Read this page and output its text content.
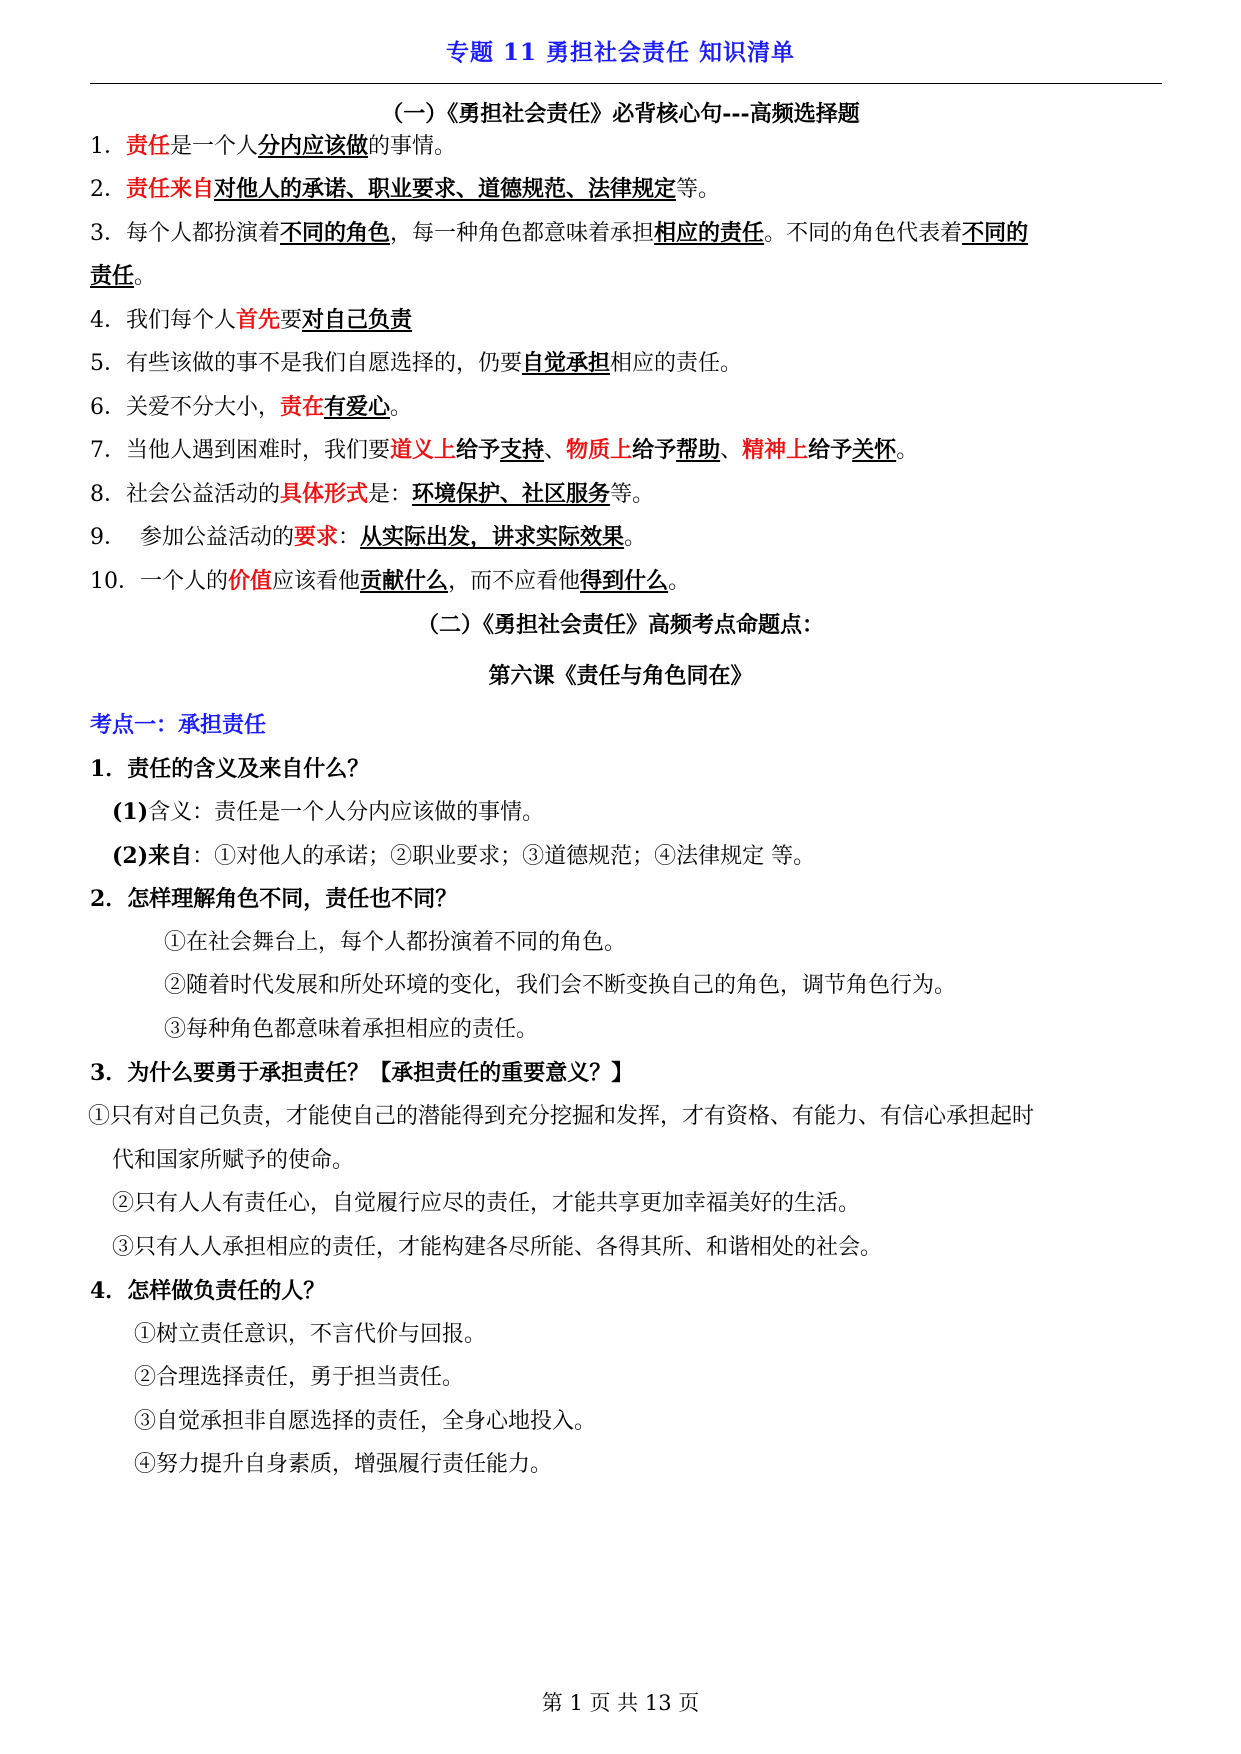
专题 11 勇担社会责任 知识清单
（一）《勇担社会责任》必背核心句---高频选择题
1．责任是一个人分内应该做的事情。
2．责任来自对他人的承诺、职业要求、道德规范、法律规定等。
3．每个人都扮演着不同的角色，每一种角色都意味着承担相应的责任。不同的角色代表着不同的
责任。
4．我们每个人首先要对自己负责
5．有些该做的事不是我们自愿选择的，仍要自觉承担相应的责任。
6．关爱不分大小，责在有爱心。
7．当他人遇到困难时，我们要道义上给予支持、物质上给予帮助、精神上给予关怀。
8．社会公益活动的具体形式是：环境保护、社区服务等。
9． 参加公益活动的要求：从实际出发，讲求实际效果。
10．一个人的价值应该看他贡献什么，而不应看他得到什么。
（二）《勇担社会责任》高频考点命题点：
第六课《责任与角色同在》
考点一：承担责任
1．责任的含义及来自什么？
(1)含义：责任是一个人分内应该做的事情。
(2)来自：①对他人的承诺；②职业要求；③道德规范；④法律规定 等。
2．怎样理解角色不同，责任也不同？
①在社会舞台上，每个人都扮演着不同的角色。
②随着时代发展和所处环境的变化，我们会不断变换自己的角色，调节角色行为。
③每种角色都意味着承担相应的责任。
3．为什么要勇于承担责任？【承担责任的重要意义？】
①只有对自己负责，才能使自己的潜能得到充分挖掘和发挥，才有资格、有能力、有信心承担起时
代和国家所赋予的使命。
②只有人人有责任心，自觉履行应尽的责任，才能共享更加幸福美好的生活。
③只有人人承担相应的责任，才能构建各尽所能、各得其所、和谐相处的社会。
4．怎样做负责任的人？
①树立责任意识，不言代价与回报。
②合理选择责任，勇于担当责任。
③自觉承担非自愿选择的责任，全身心地投入。
④努力提升自身素质，增强履行责任能力。
第 1 页 共 13 页
